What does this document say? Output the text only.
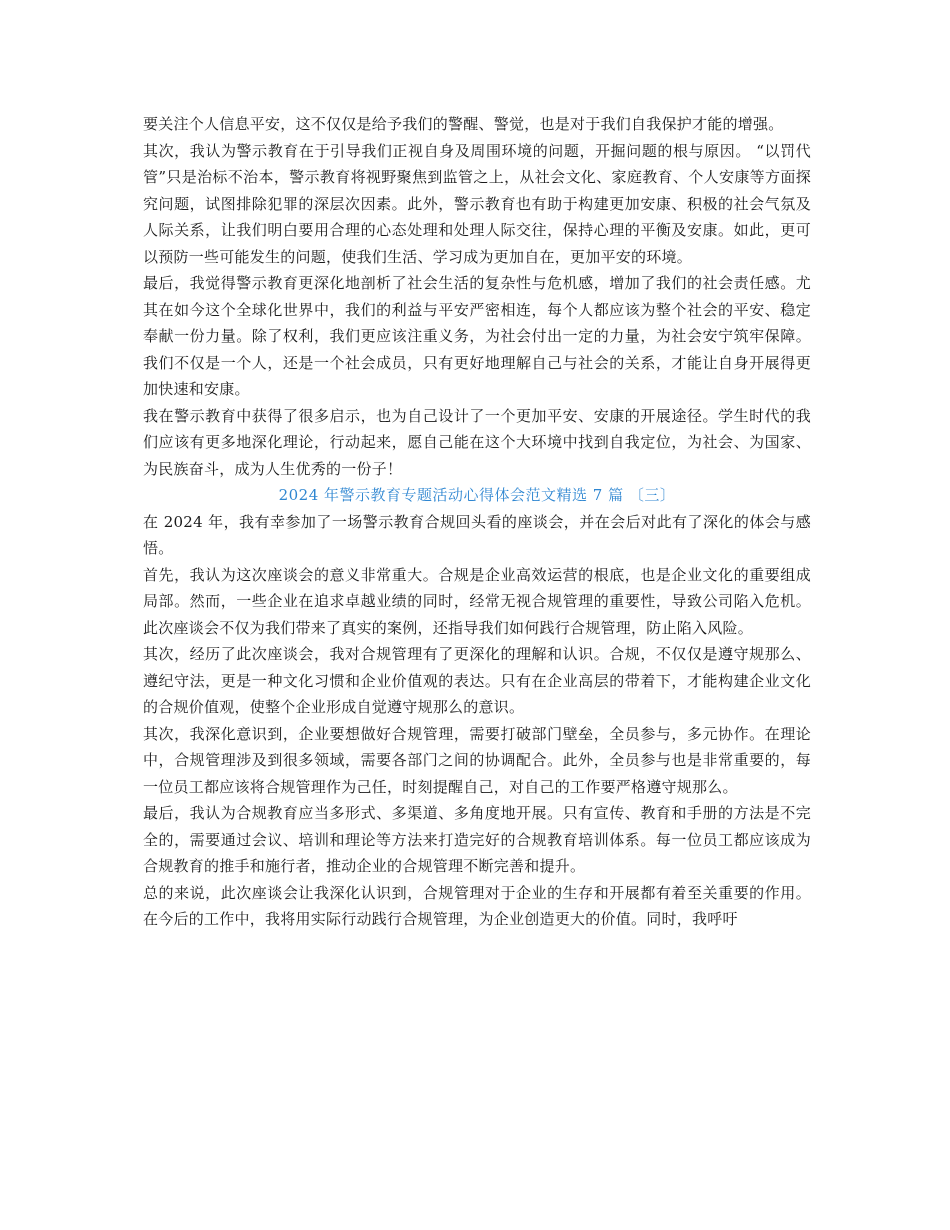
要关注个人信息平安，这不仅仅是给予我们的警醒、警觉，也是对于我们自我保护才能的增强。

其次，我认为警示教育在于引导我们正视自身及周围环境的问题，开掘问题的根与原因。 “以罚代管”只是治标不治本，警示教育将视野聚焦到监管之上，从社会文化、家庭教育、个人安康等方面探究问题，试图排除犯罪的深层次因素。此外，警示教育也有助于构建更加安康、积极的社会气氛及人际关系，让我们明白要用合理的心态处理和处理人际交往，保持心理的平衡及安康。如此，更可以预防一些可能发生的问题，使我们生活、学习成为更加自在，更加平安的环境。

最后，我觉得警示教育更深化地剖析了社会生活的复杂性与危机感，增加了我们的社会责任感。尤其在如今这个全球化世界中，我们的利益与平安严密相连，每个人都应该为整个社会的平安、稳定奉献一份力量。除了权利，我们更应该注重义务，为社会付出一定的力量，为社会安宁筑牢保障。我们不仅是一个人，还是一个社会成员，只有更好地理解自己与社会的关系，才能让自身开展得更加快速和安康。

我在警示教育中获得了很多启示，也为自己设计了一个更加平安、安康的开展途径。学生时代的我们应该有更多地深化理论，行动起来，愿自己能在这个大环境中找到自我定位，为社会、为国家、为民族奋斗，成为人生优秀的一份子！

2024 年警示教育专题活动心得体会范文精选 7 篇 〔三〕

在 2024 年，我有幸参加了一场警示教育合规回头看的座谈会，并在会后对此有了深化的体会与感悟。

首先，我认为这次座谈会的意义非常重大。合规是企业高效运营的根底，也是企业文化的重要组成局部。然而，一些企业在追求卓越业绩的同时，经常无视合规管理的重要性，导致公司陷入危机。此次座谈会不仅为我们带来了真实的案例，还指导我们如何践行合规管理，防止陷入风险。

其次，经历了此次座谈会，我对合规管理有了更深化的理解和认识。合规，不仅仅是遵守规那么、遵纪守法，更是一种文化习惯和企业价值观的表达。只有在企业高层的带着下，才能构建企业文化的合规价值观，使整个企业形成自觉遵守规那么的意识。

其次，我深化意识到，企业要想做好合规管理，需要打破部门壁垒，全员参与，多元协作。在理论中，合规管理涉及到很多领域，需要各部门之间的协调配合。此外，全员参与也是非常重要的，每一位员工都应该将合规管理作为己任，时刻提醒自己，对自己的工作要严格遵守规那么。

最后，我认为合规教育应当多形式、多渠道、多角度地开展。只有宣传、教育和手册的方法是不完全的，需要通过会议、培训和理论等方法来打造完好的合规教育培训体系。每一位员工都应该成为合规教育的推手和施行者，推动企业的合规管理不断完善和提升。

总的来说，此次座谈会让我深化认识到，合规管理对于企业的生存和开展都有着至关重要的作用。在今后的工作中，我将用实际行动践行合规管理，为企业创造更大的价值。同时，我呼吁
